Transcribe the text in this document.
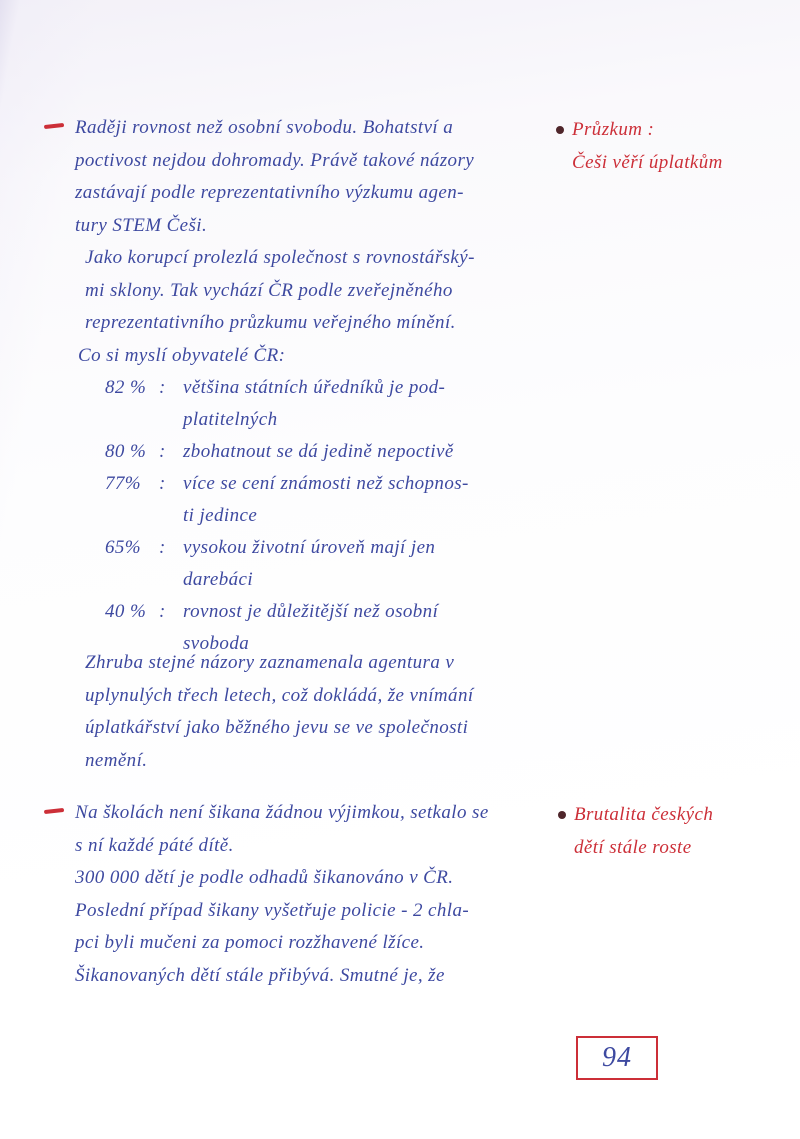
Raději rovnost než osobní svobodu. Bohatství a
poctivost nejdou dohromady. Právě takové názory
zastávají podle reprezentativního výzkumu agen-
tury STEM Češi.
Jako korupcí prolezlá společnost s rovnostářský-
mi sklony. Tak vychází ČR podle zveřejněného
reprezentativního průzkumu veřejného mínění.
Co si myslí obyvatelé ČR:
82 % : většina státních úředníků je pod-
platitelných
80 % : zbohatnout se dá jedině nepoctivě
77% : více se cení známosti než schopnos-
ti jedince
65% : vysokou životní úroveň mají jen
darebáci
40 % : rovnost je důležitější než osobní
svoboda
Zhruba stejné názory zaznamenala agentura v
uplynulých třech letech, což dokládá, že vnímání
úplatkářství jako běžného jevu se ve společnosti
nemění.
Průzkum :
Češi věří úplatkům
Na školách není šikana žádnou výjimkou, setkalo se
s ní každé páté dítě.
300 000 dětí je podle odhadů šikanováno v ČR.
Poslední případ šikany vyšetřuje policie - 2 chla-
pci byli mučeni za pomoci rozžhavené lžíce.
Šikanovaných dětí stále přibývá. Smutné je, že
Brutalita českých
dětí stále roste
94
